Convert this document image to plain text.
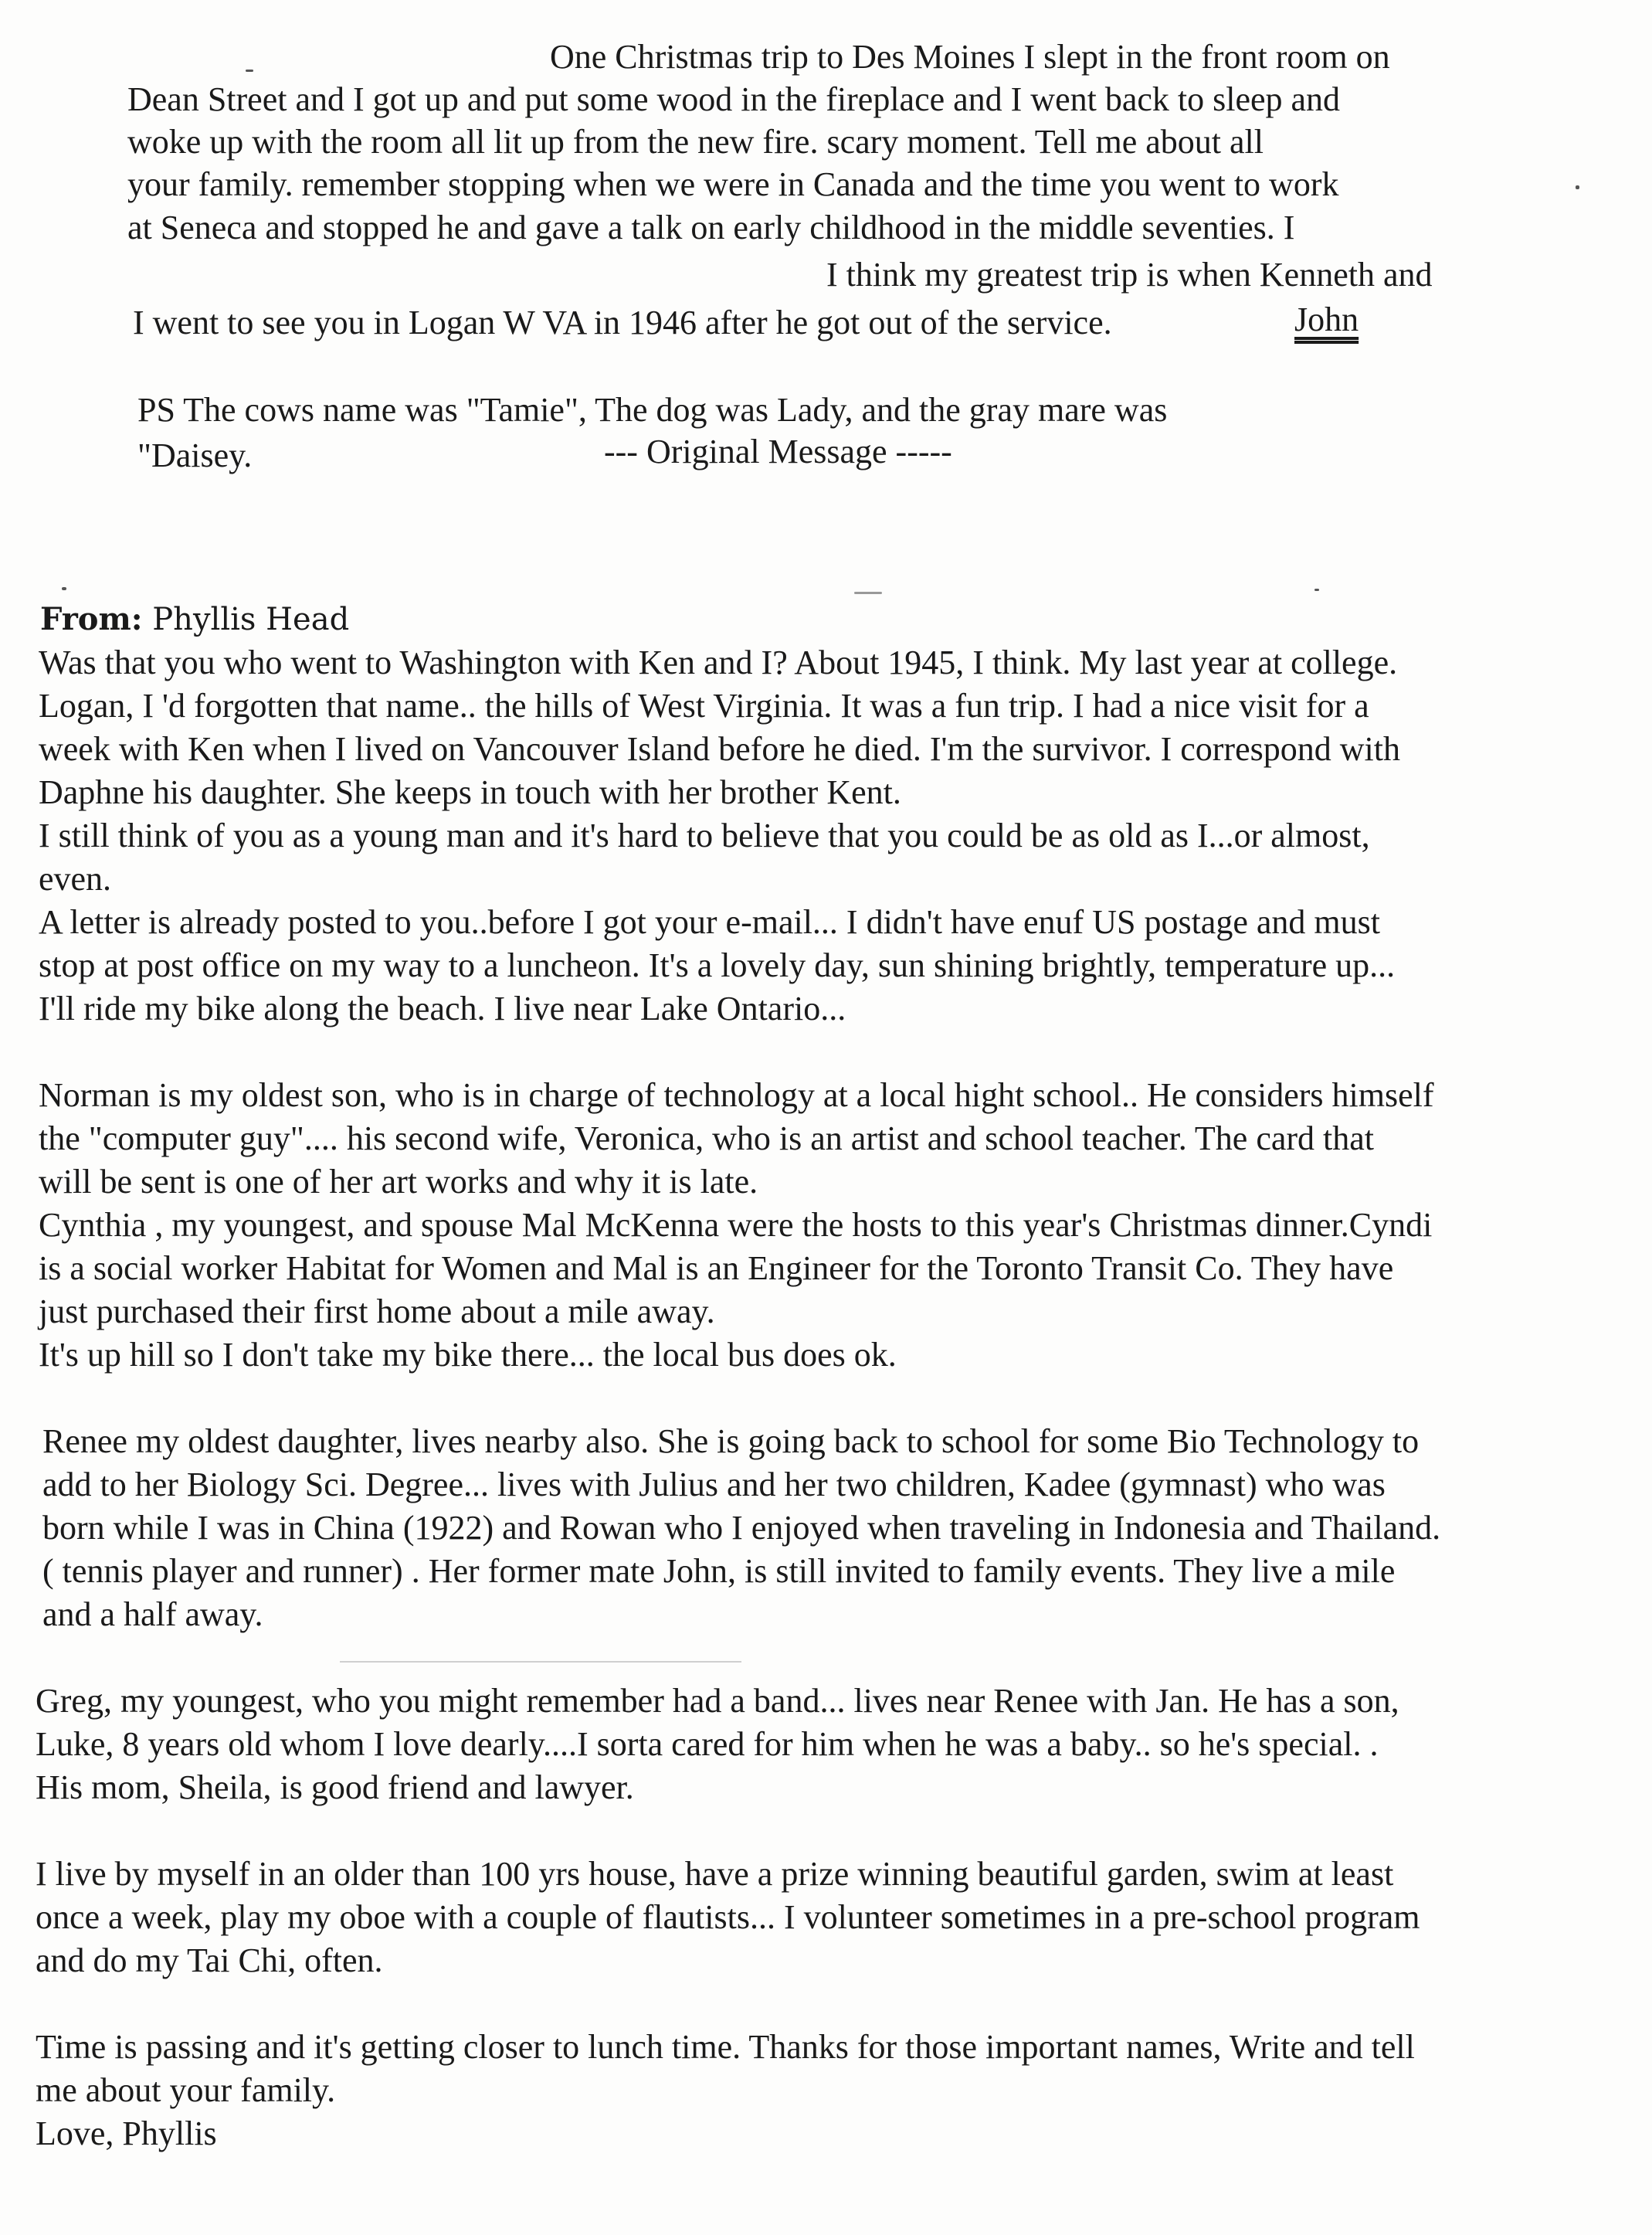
One Christmas trip to Des Moines I slept in the front room on
Dean Street and I got up and put some wood in the fireplace and I went back to sleep and
woke up with the room all lit up from the new fire. scary moment. Tell me about all
your family. remember stopping when we were in Canada and the time you went to work
at Seneca and stopped he and gave a talk on early childhood in the middle seventies. I
I think my greatest trip is when Kenneth and
I went to see you in Logan W VA in 1946 after he got out of the service.	John
PS The cows name was "Tamie", The dog was Lady, and the gray mare was
"Daisey.	--- Original Message -----
From: Phyllis Head
Was that you who went to Washington with Ken and I? About 1945, I think. My last year at college.
Logan, I 'd forgotten that name.. the hills of West Virginia. It was a fun trip. I had a nice visit for a
week with Ken when I lived on Vancouver Island before he died. I'm the survivor. I correspond with
Daphne his daughter. She keeps in touch with her brother Kent.
I still think of you as a young man and it's hard to believe that you could be as old as I...or almost,
even.
A letter is already posted to you..before I got your e-mail... I didn't have enuf US postage and must
stop at post office on my way to a luncheon. It's a lovely day, sun shining brightly, temperature up...
I'll ride my bike along the beach. I live near Lake Ontario...
Norman is my oldest son, who is in charge of technology at a local hight school.. He considers himself
the "computer guy".... his second wife, Veronica, who is an artist and school teacher. The card that
will be sent is one of her art works and why it is late.
Cynthia , my youngest, and spouse Mal McKenna were the hosts to this year's Christmas dinner.Cyndi
is a social worker Habitat for Women and Mal is an Engineer for the Toronto Transit Co. They have
just purchased their first home about a mile away.
It's up hill so I don't take my bike there... the local bus does ok.
Renee my oldest daughter, lives nearby also. She is going back to school for some Bio Technology to
add to her Biology Sci. Degree... lives with Julius and her two children, Kadee (gymnast) who was
born while I was in China (1922) and Rowan who I enjoyed when traveling in Indonesia and Thailand.
( tennis player and runner) . Her former mate John, is still invited to family events. They live a mile
and a half away.
Greg, my youngest, who you might remember had a band... lives near Renee with Jan. He has a son,
Luke, 8 years old whom I love dearly....I sorta cared for him when he was a baby.. so he's special. .
His mom, Sheila, is good friend and lawyer.
I live by myself in an older than 100 yrs house, have a prize winning beautiful garden, swim at least
once a week, play my oboe with a couple of flautists... I volunteer sometimes in a pre-school program
and do my Tai Chi, often.
Time is passing and it's getting closer to lunch time. Thanks for those important names, Write and tell
me about your family.
Love, Phyllis
